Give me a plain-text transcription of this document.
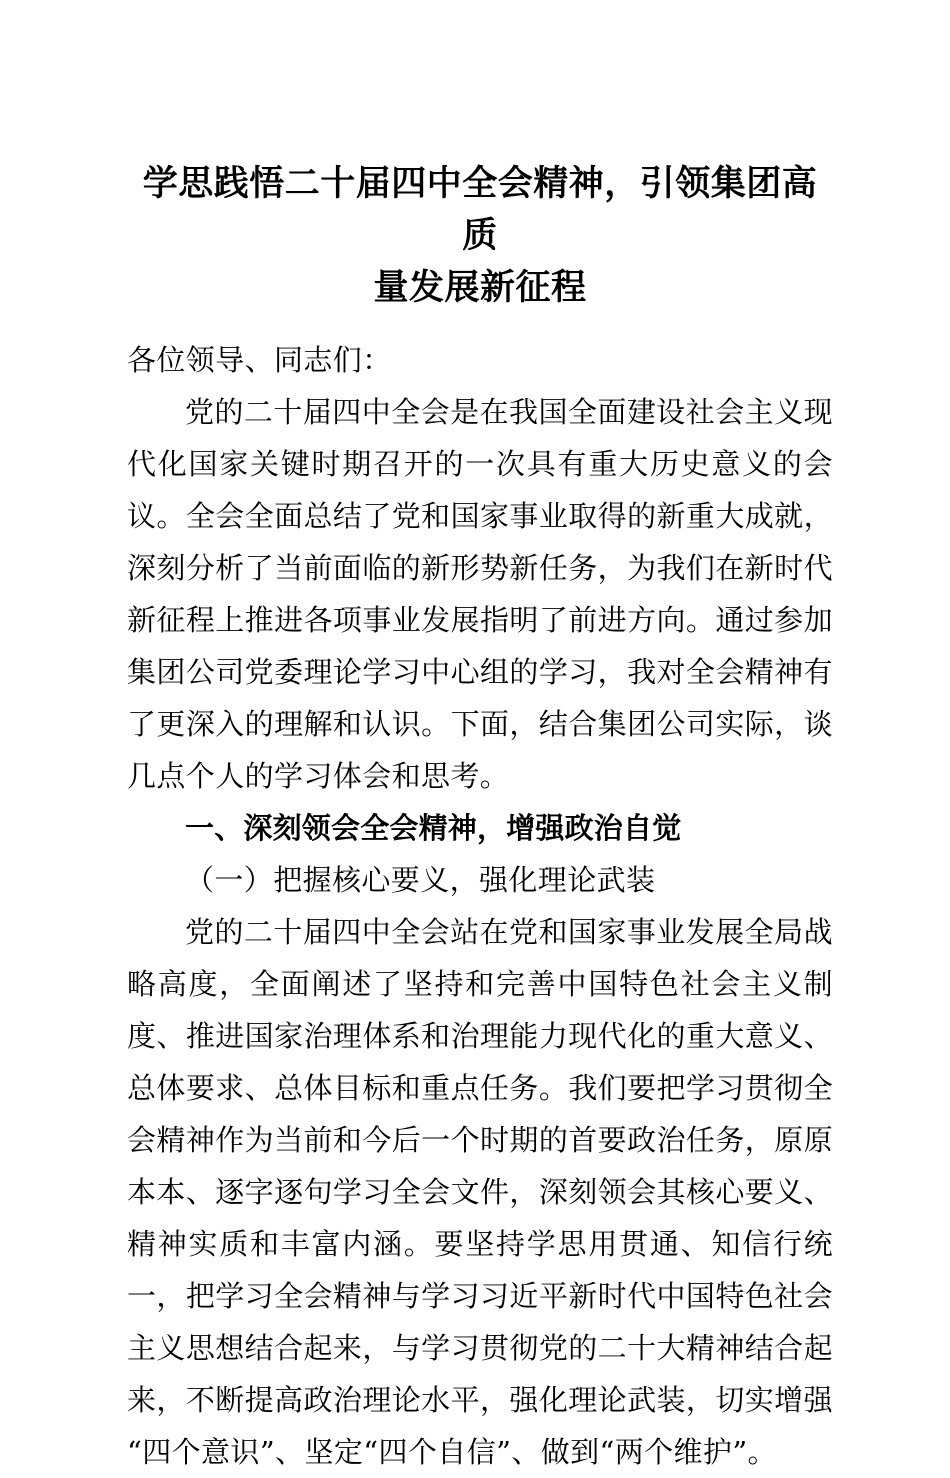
学思践悟二十届四中全会精神，引领集团高质
量发展新征程

各位领导、同志们：

党的二十届四中全会是在我国全面建设社会主义现代化国家关键时期召开的一次具有重大历史意义的会议。全会全面总结了党和国家事业取得的新重大成就，深刻分析了当前面临的新形势新任务，为我们在新时代新征程上推进各项事业发展指明了前进方向。通过参加集团公司党委理论学习中心组的学习，我对全会精神有了更深入的理解和认识。下面，结合集团公司实际，谈几点个人的学习体会和思考。

一、深刻领会全会精神，增强政治自觉
（一）把握核心要义，强化理论武装

党的二十届四中全会站在党和国家事业发展全局战略高度，全面阐述了坚持和完善中国特色社会主义制度、推进国家治理体系和治理能力现代化的重大意义、总体要求、总体目标和重点任务。我们要把学习贯彻全会精神作为当前和今后一个时期的首要政治任务，原原本本、逐字逐句学习全会文件，深刻领会其核心要义、精神实质和丰富内涵。要坚持学思用贯通、知信行统一，把学习全会精神与学习习近平新时代中国特色社会主义思想结合起来，与学习贯彻党的二十大精神结合起来，不断提高政治理论水平，强化理论武装，切实增强“四个意识”、坚定“四个自信”、做到“两个维护”。
